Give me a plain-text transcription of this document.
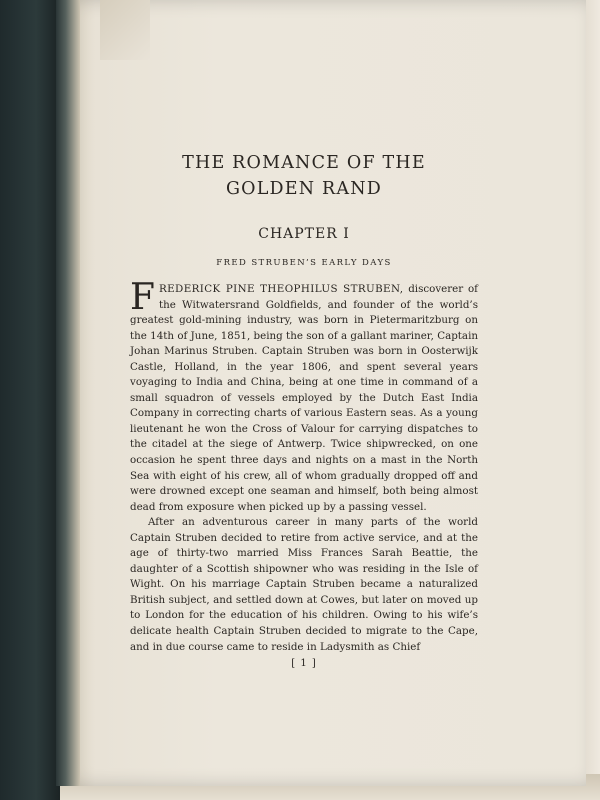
THE ROMANCE OF THE
GOLDEN RAND
CHAPTER I
FRED STRUBEN’S EARLY DAYS

FREDERICK PINE THEOPHILUS STRUBEN, discoverer of the Witwatersrand Goldfields, and founder of the world’s greatest gold-mining industry, was born in Pietermaritzburg on the 14th of June, 1851, being the son of a gallant mariner, Captain Johan Marinus Struben. Captain Struben was born in Oosterwijk Castle, Holland, in the year 1806, and spent several years voyaging to India and China, being at one time in command of a small squadron of vessels employed by the Dutch East India Company in correcting charts of various Eastern seas. As a young lieutenant he won the Cross of Valour for carrying dispatches to the citadel at the siege of Antwerp. Twice shipwrecked, on one occasion he spent three days and nights on a mast in the North Sea with eight of his crew, all of whom gradually dropped off and were drowned except one seaman and himself, both being almost dead from exposure when picked up by a passing vessel.

After an adventurous career in many parts of the world Captain Struben decided to retire from active service, and at the age of thirty-two married Miss Frances Sarah Beattie, the daughter of a Scottish shipowner who was residing in the Isle of Wight. On his marriage Captain Struben became a naturalized British subject, and settled down at Cowes, but later on moved up to London for the education of his children. Owing to his wife’s delicate health Captain Struben decided to migrate to the Cape, and in due course came to reside in Ladysmith as Chief

[ 1 ]
